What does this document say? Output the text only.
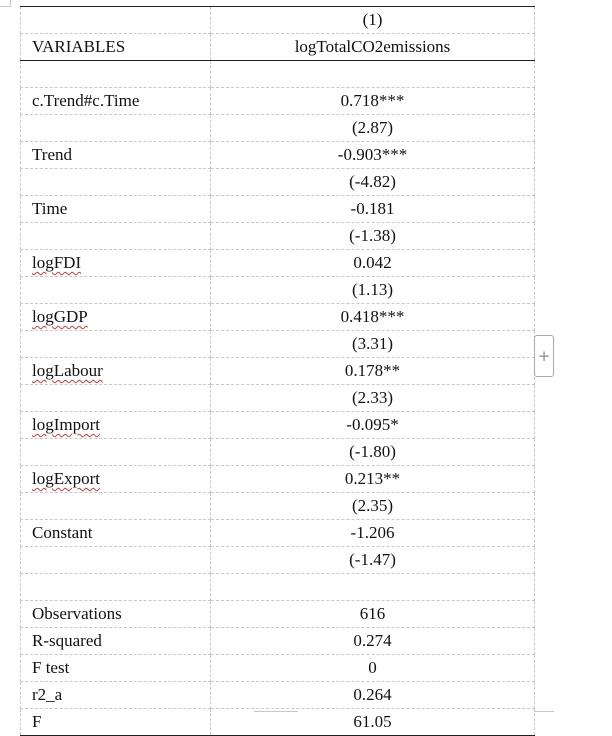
	(1)
VARIABLES	logTotalCO2emissions

c.Trend#c.Time	0.718***
	(2.87)
Trend	-0.903***
	(-4.82)
Time	-0.181
	(-1.38)
logFDI	0.042
	(1.13)
logGDP	0.418***
	(3.31)
logLabour	0.178**
	(2.33)
logImport	-0.095*
	(-1.80)
logExport	0.213**
	(2.35)
Constant	-1.206
	(-1.47)

Observations	616
R-squared	0.274
F test	0
r2_a	0.264
F	61.05
+
